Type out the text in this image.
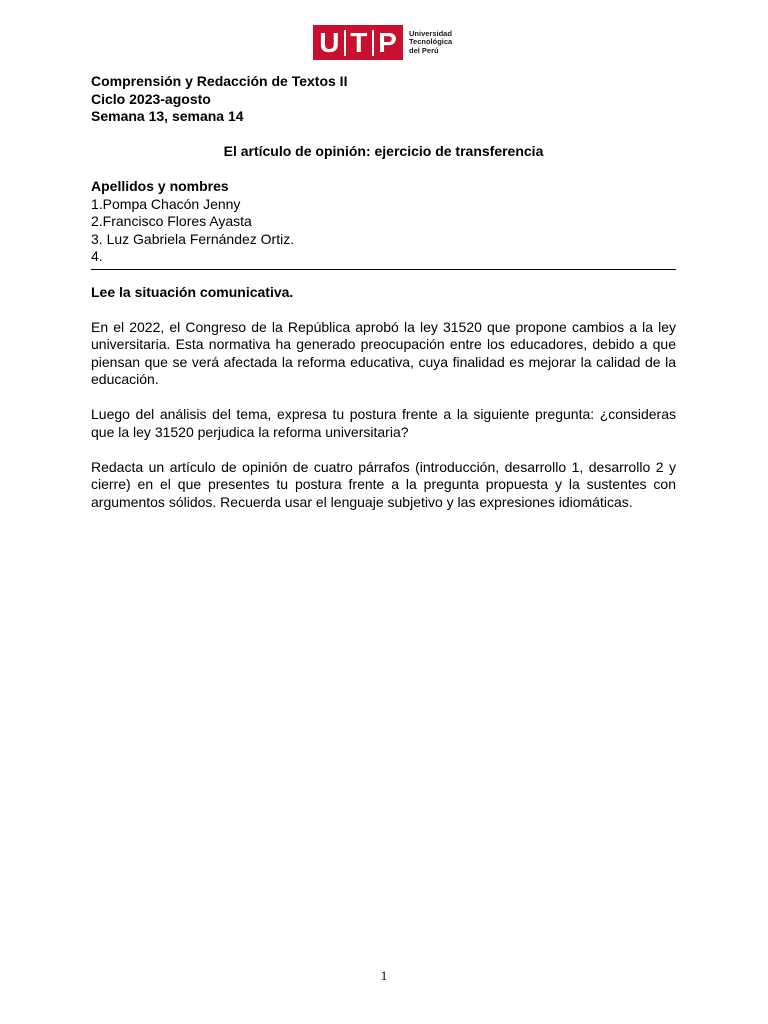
U T P Universidad
Tecnológica
del Perú
Comprensión y Redacción de Textos II
Ciclo 2023-agosto
Semana 13, semana 14
El artículo de opinión: ejercicio de transferencia
Apellidos y nombres
1.Pompa Chacón Jenny
2.Francisco Flores Ayasta
3. Luz Gabriela Fernández Ortiz.
4.
Lee la situación comunicativa.

En el 2022, el Congreso de la República aprobó la ley 31520 que propone cambios a la ley universitaria. Esta normativa ha generado preocupación entre los educadores, debido a que piensan que se verá afectada la reforma educativa, cuya finalidad es mejorar la calidad de la educación.

Luego del análisis del tema, expresa tu postura frente a la siguiente pregunta: ¿consideras que la ley 31520 perjudica la reforma universitaria?

Redacta un artículo de opinión de cuatro párrafos (introducción, desarrollo 1, desarrollo 2 y cierre) en el que presentes tu postura frente a la pregunta propuesta y la sustentes con argumentos sólidos. Recuerda usar el lenguaje subjetivo y las expresiones idiomáticas.

1
